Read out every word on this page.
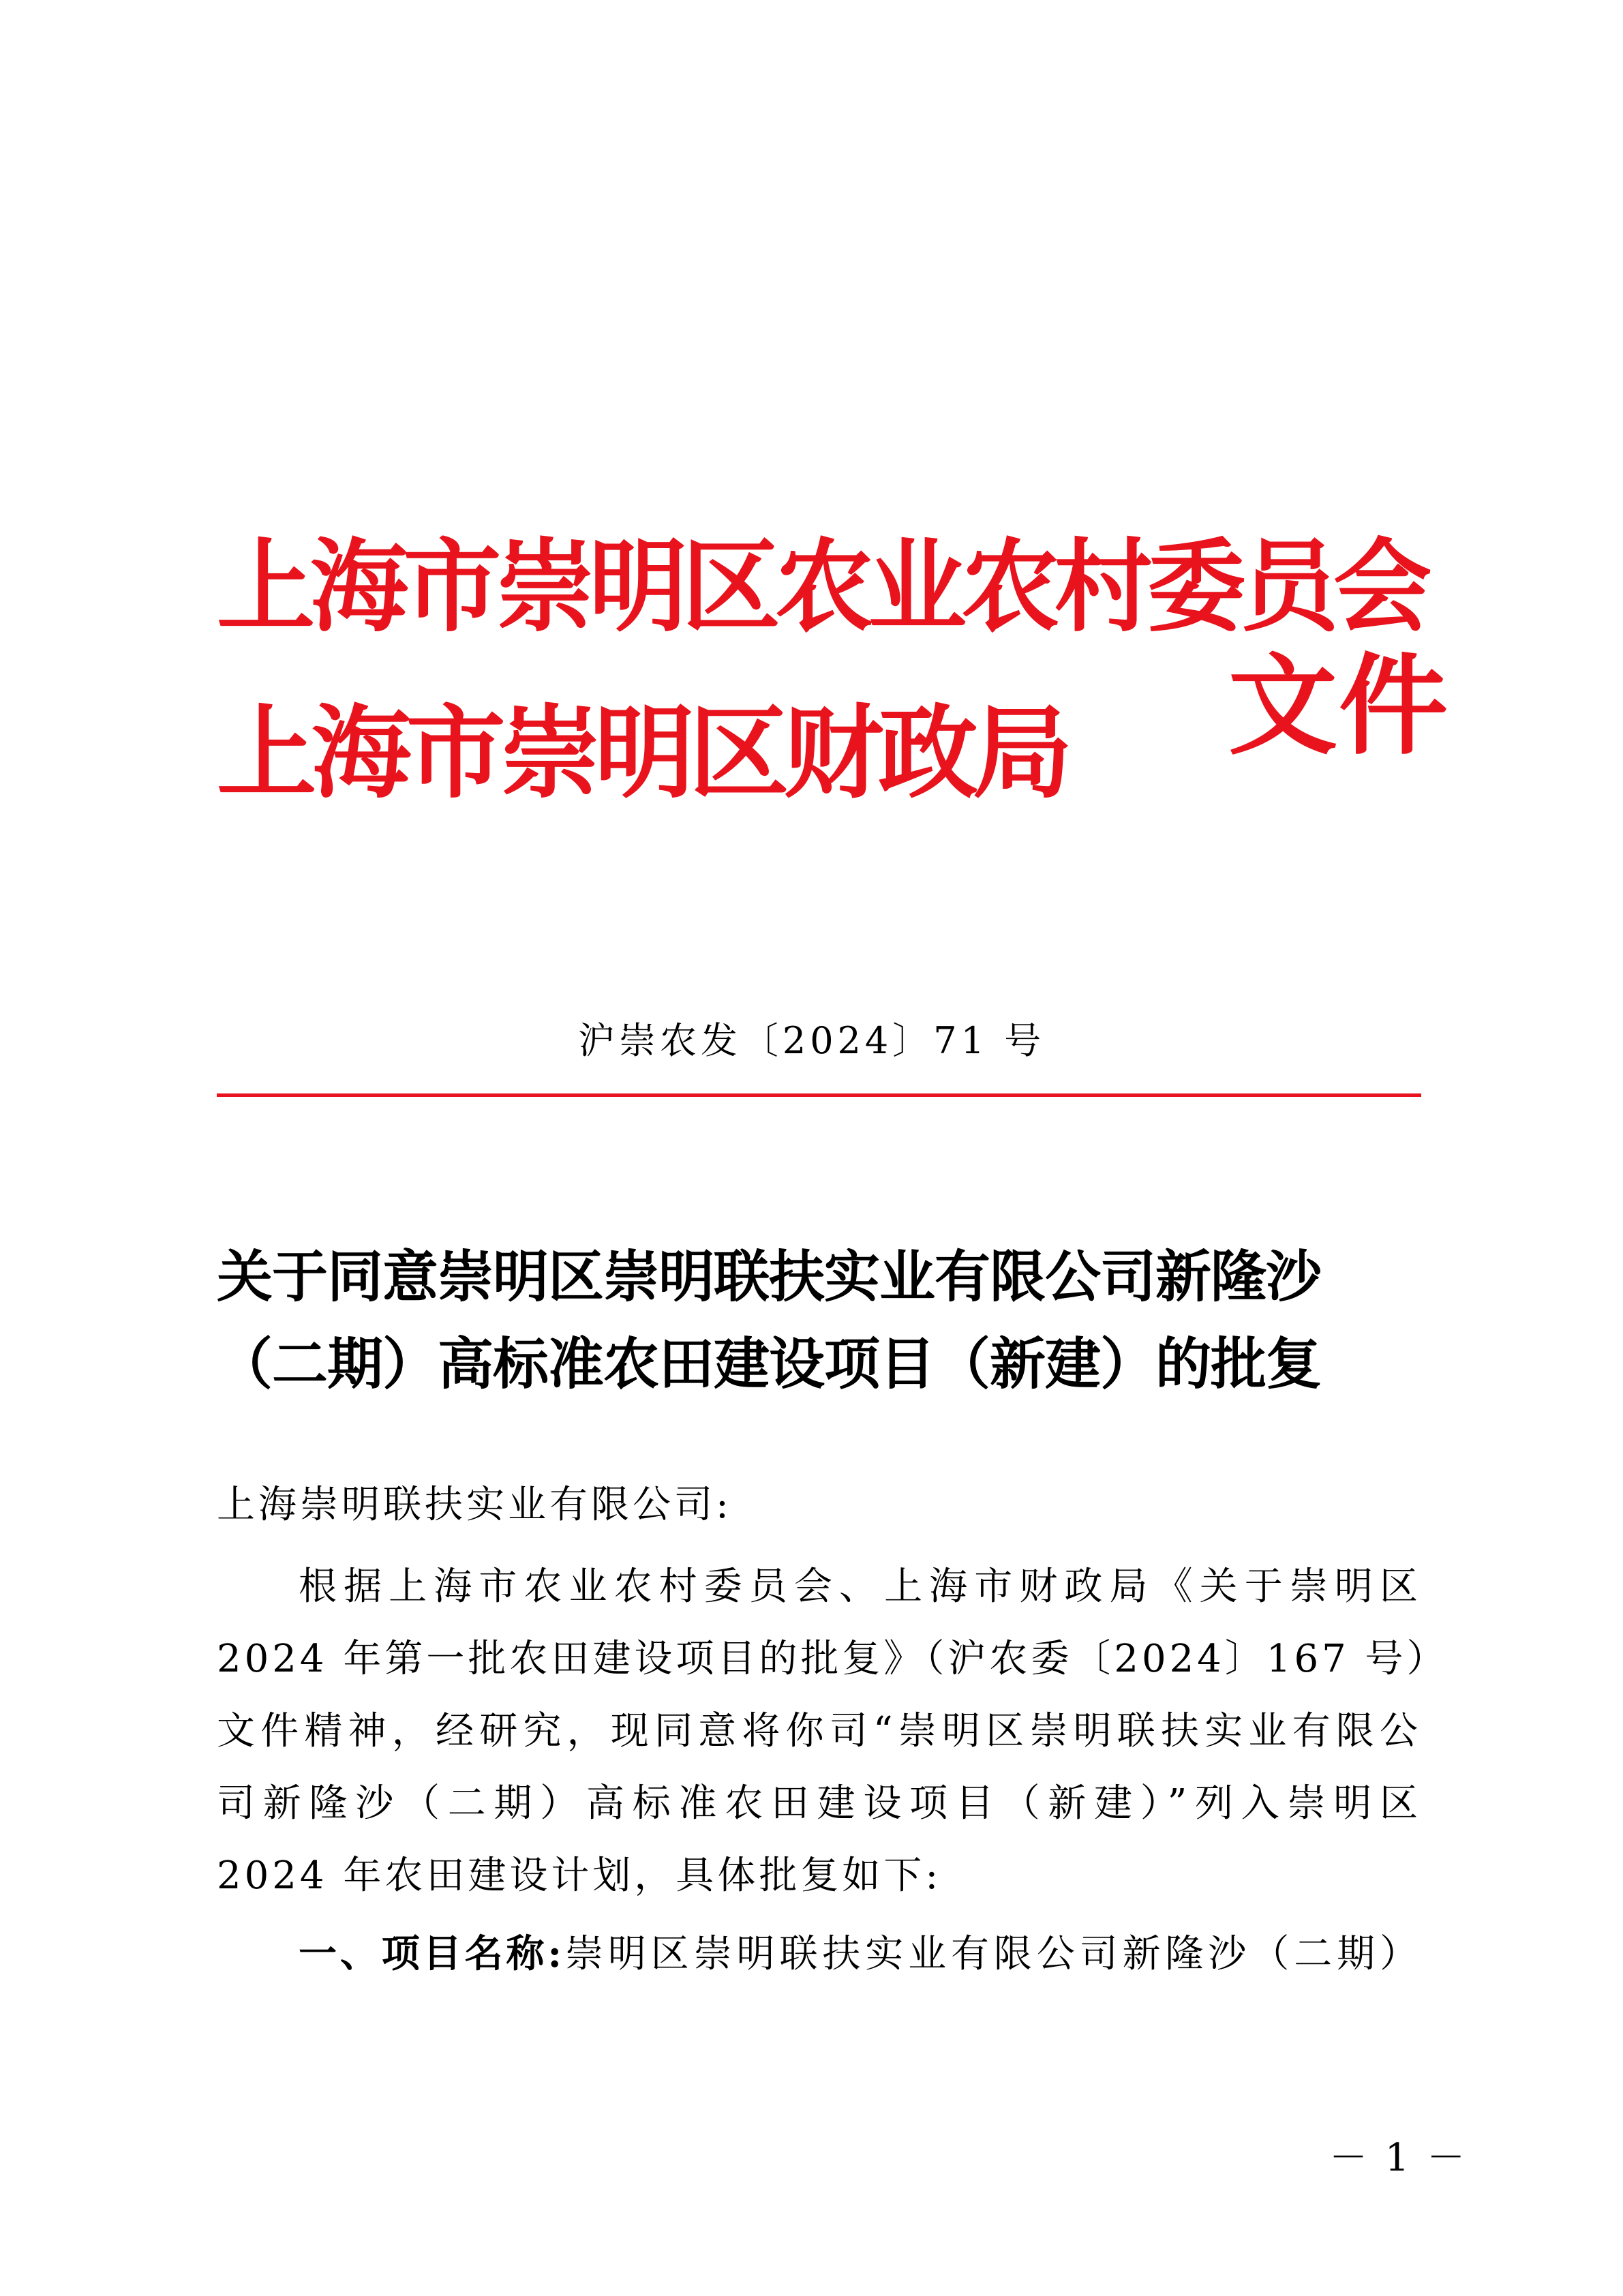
上海市崇明区农业农村委员会
上海市崇明区财政局 文件
沪崇农发〔2024〕71 号
关于同意崇明区崇明联扶实业有限公司新隆沙
（二期）高标准农田建设项目（新建）的批复
上海崇明联扶实业有限公司:
根据上海市农业农村委员会、上海市财政局《关于崇明区
2024 年第一批农田建设项目的批复》（沪农委〔2024〕167 号）
文件精神，经研究，现同意将你司“崇明区崇明联扶实业有限公
司新隆沙（二期）高标准农田建设项目（新建）”列入崇明区
2024 年农田建设计划，具体批复如下:
一、项目名称:崇明区崇明联扶实业有限公司新隆沙（二期）
－ 1 －
